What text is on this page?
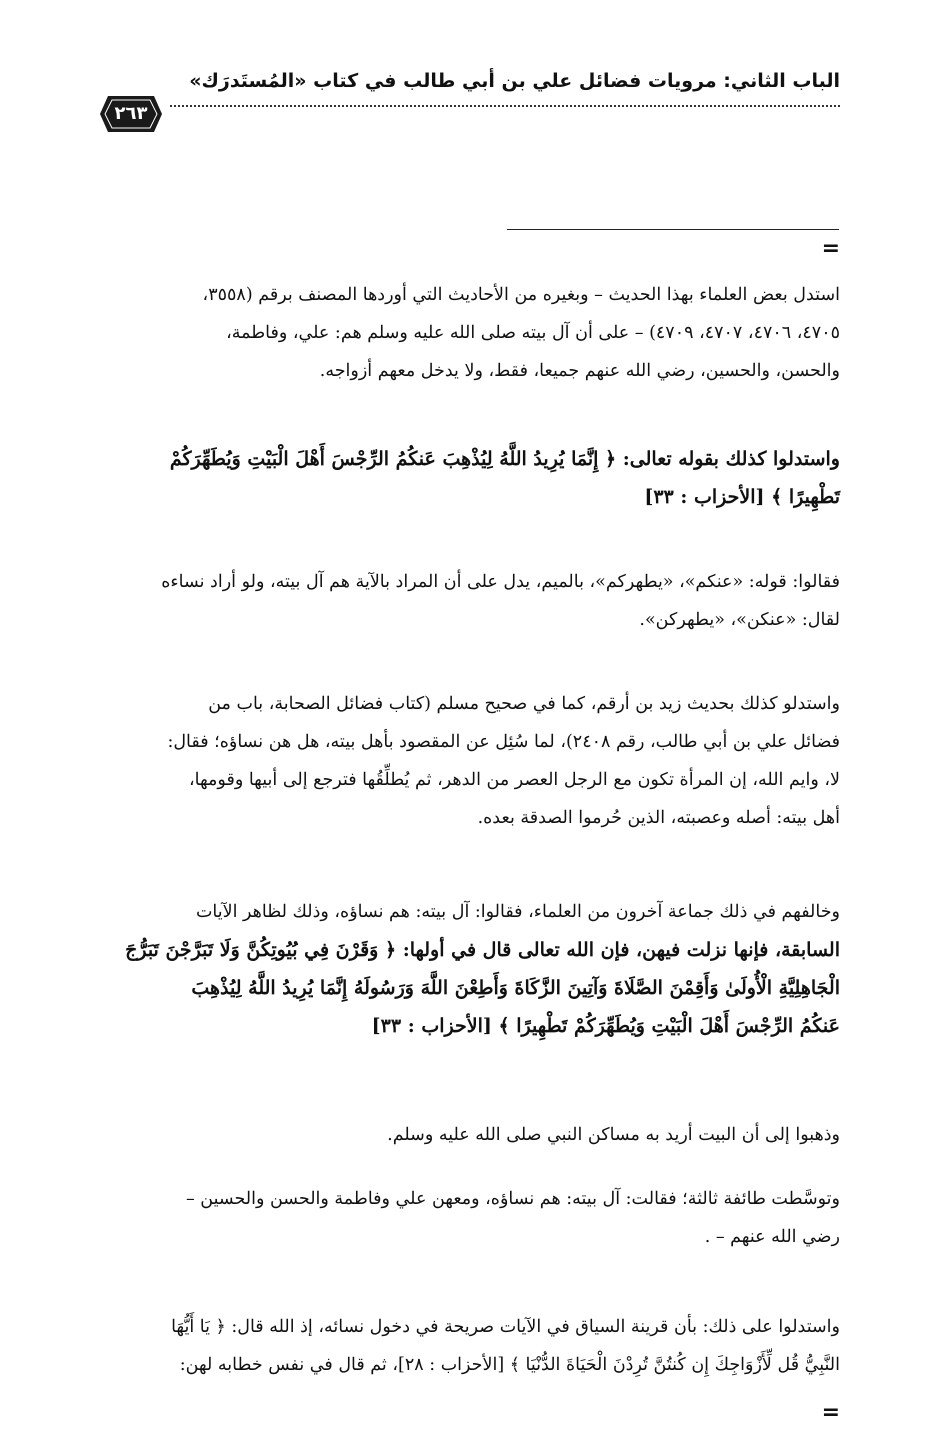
الباب الثاني: مرويات فضائل علي بن أبي طالب في كتاب «المُستَدرَك»
٢٦٣
=
استدل بعض العلماء بهذا الحديث – وبغيره من الأحاديث التي أوردها المصنف برقم (٣٥٥٨،
٤٧٠٥، ٤٧٠٦، ٤٧٠٧، ٤٧٠٩) – على أن آل بيته صلى الله عليه وسلم هم: علي، وفاطمة،
والحسن، والحسين، رضي الله عنهم جميعا، فقط، ولا يدخل معهم أزواجه.
واستدلوا كذلك بقوله تعالى: ﴿ إِنَّمَا يُرِيدُ اللَّهُ لِيُذْهِبَ عَنكُمُ الرِّجْسَ أَهْلَ الْبَيْتِ وَيُطَهِّرَكُمْ
تَطْهِيرًا ﴾ [الأحزاب : ٣٣]
فقالوا: قوله: «عنكم»، «يطهركم»، بالميم، يدل على أن المراد بالآية هم آل بيته، ولو أراد نساءه
لقال: «عنكن»، «يطهركن».
واستدلو كذلك بحديث زيد بن أرقم، كما في صحيح مسلم (كتاب فضائل الصحابة، باب من
فضائل علي بن أبي طالب، رقم ٢٤٠٨)، لما سُئِل عن المقصود بأهل بيته، هل هن نساؤه؛ فقال:
لا، وايم الله، إن المرأة تكون مع الرجل العصر من الدهر، ثم يُطلِّقُها فترجع إلى أبيها وقومها،
أهل بيته: أصله وعصبته، الذين حُرموا الصدقة بعده.
وخالفهم في ذلك جماعة آخرون من العلماء، فقالوا: آل بيته: هم نساؤه، وذلك لظاهر الآيات
السابقة، فإنها نزلت فيهن، فإن الله تعالى قال في أولها: ﴿ وَقَرْنَ فِي بُيُوتِكُنَّ وَلَا تَبَرَّجْنَ تَبَرُّجَ
الْجَاهِلِيَّةِ الْأُولَىٰ وَأَقِمْنَ الصَّلَاةَ وَآتِينَ الزَّكَاةَ وَأَطِعْنَ اللَّهَ وَرَسُولَهُ إِنَّمَا يُرِيدُ اللَّهُ لِيُذْهِبَ
عَنكُمُ الرِّجْسَ أَهْلَ الْبَيْتِ وَيُطَهِّرَكُمْ تَطْهِيرًا ﴾ [الأحزاب : ٣٣]
وذهبوا إلى أن البيت أريد به مساكن النبي صلى الله عليه وسلم.
وتوسَّطت طائفة ثالثة؛ فقالت: آل بيته: هم نساؤه، ومعهن علي وفاطمة والحسن والحسين –
رضي الله عنهم – .
واستدلوا على ذلك: بأن قرينة السياق في الآيات صريحة في دخول نسائه، إذ الله قال: ﴿ يَا أَيُّهَا
النَّبِيُّ قُل لِّأَزْوَاجِكَ إِن كُنتُنَّ تُرِدْنَ الْحَيَاةَ الدُّنْيَا ﴾ [الأحزاب : ٢٨]، ثم قال في نفس خطابه لهن:
=
